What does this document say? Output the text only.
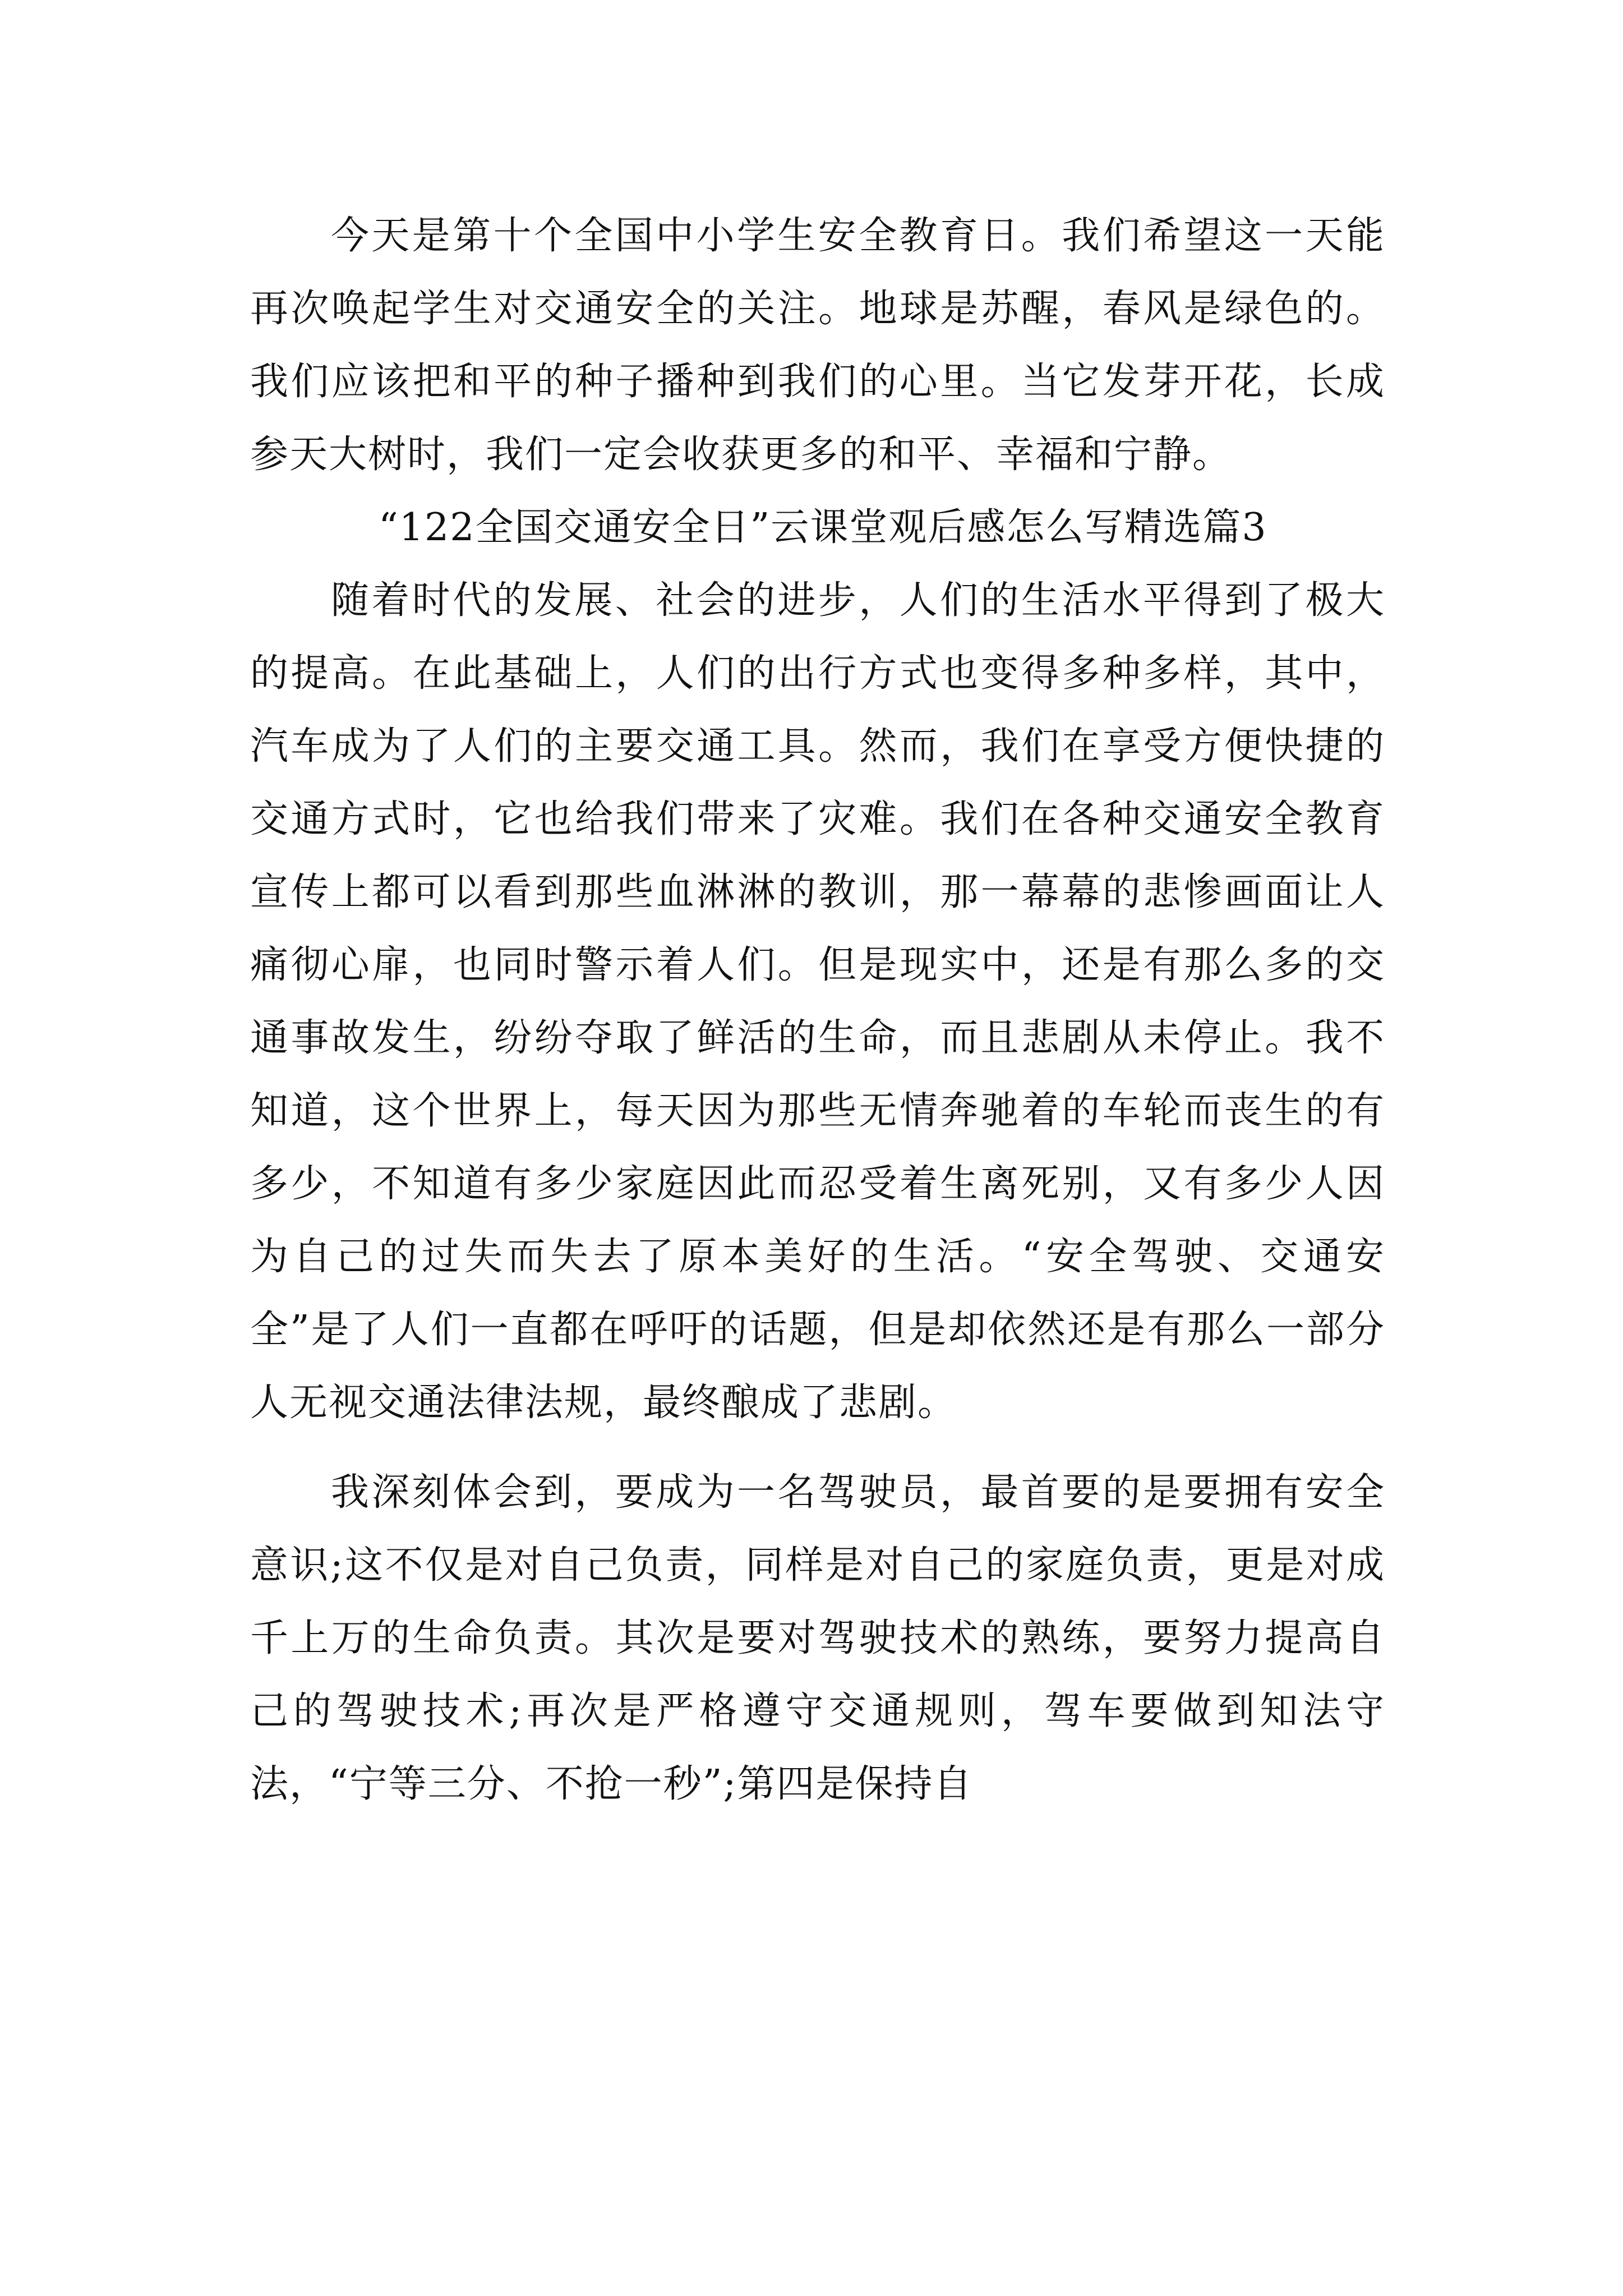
今天是第十个全国中小学生安全教育日。我们希望这一天能再次唤起学生对交通安全的关注。地球是苏醒，春风是绿色的。我们应该把和平的种子播种到我们的心里。当它发芽开花，长成参天大树时，我们一定会收获更多的和平、幸福和宁静。

“122全国交通安全日”云课堂观后感怎么写精选篇3

随着时代的发展、社会的进步，人们的生活水平得到了极大的提高。在此基础上，人们的出行方式也变得多种多样，其中，汽车成为了人们的主要交通工具。然而，我们在享受方便快捷的交通方式时，它也给我们带来了灾难。我们在各种交通安全教育宣传上都可以看到那些血淋淋的教训，那一幕幕的悲惨画面让人痛彻心扉，也同时警示着人们。但是现实中，还是有那么多的交通事故发生，纷纷夺取了鲜活的生命，而且悲剧从未停止。我不知道，这个世界上，每天因为那些无情奔驰着的车轮而丧生的有多少，不知道有多少家庭因此而忍受着生离死别，又有多少人因为自己的过失而失去了原本美好的生活。“安全驾驶、交通安全”是了人们一直都在呼吁的话题，但是却依然还是有那么一部分人无视交通法律法规，最终酿成了悲剧。

我深刻体会到，要成为一名驾驶员，最首要的是要拥有安全意识;这不仅是对自己负责，同样是对自己的家庭负责，更是对成千上万的生命负责。其次是要对驾驶技术的熟练，要努力提高自己的驾驶技术;再次是严格遵守交通规则，驾车要做到知法守法，“宁等三分、不抢一秒”;第四是保持自
